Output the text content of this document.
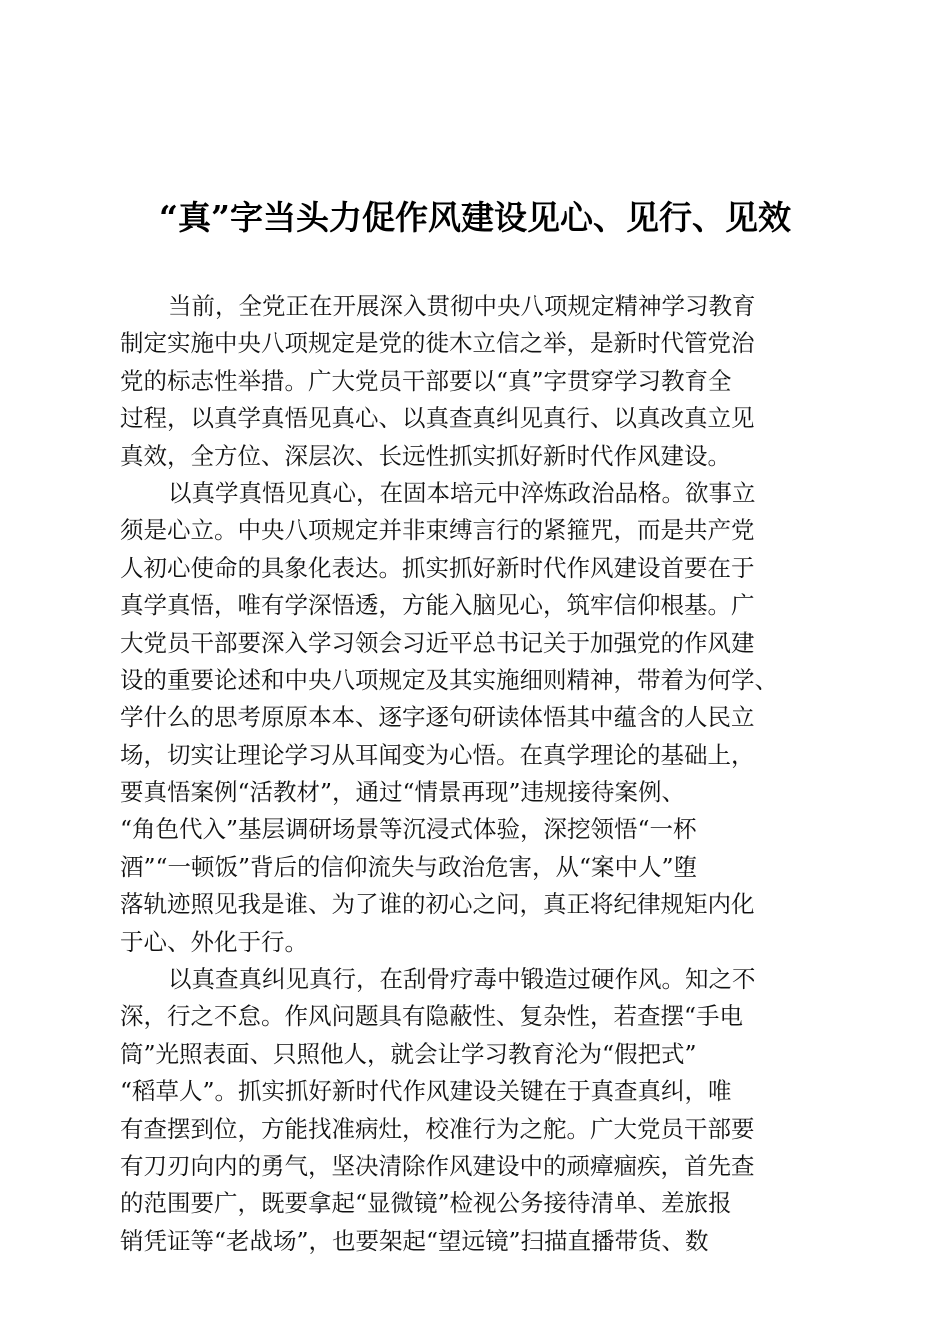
“真”字当头力促作风建设见心、见行、见效
当前，全党正在开展深入贯彻中央八项规定精神学习教育
制定实施中央八项规定是党的徙木立信之举，是新时代管党治
党的标志性举措。广大党员干部要以“真”字贯穿学习教育全
过程，以真学真悟见真心、以真查真纠见真行、以真改真立见
真效，全方位、深层次、长远性抓实抓好新时代作风建设。
以真学真悟见真心，在固本培元中淬炼政治品格。欲事立
须是心立。中央八项规定并非束缚言行的紧箍咒，而是共产党
人初心使命的具象化表达。抓实抓好新时代作风建设首要在于
真学真悟，唯有学深悟透，方能入脑见心，筑牢信仰根基。广
大党员干部要深入学习领会习近平总书记关于加强党的作风建
设的重要论述和中央八项规定及其实施细则精神，带着为何学、
学什么的思考原原本本、逐字逐句研读体悟其中蕴含的人民立
场，切实让理论学习从耳闻变为心悟。在真学理论的基础上，
要真悟案例“活教材”，通过“情景再现”违规接待案例、
“角色代入”基层调研场景等沉浸式体验，深挖领悟“一杯
酒”“一顿饭”背后的信仰流失与政治危害，从“案中人”堕
落轨迹照见我是谁、为了谁的初心之问，真正将纪律规矩内化
于心、外化于行。
以真查真纠见真行，在刮骨疗毒中锻造过硬作风。知之不
深，行之不怠。作风问题具有隐蔽性、复杂性，若查摆“手电
筒”光照表面、只照他人，就会让学习教育沦为“假把式”
“稻草人”。抓实抓好新时代作风建设关键在于真查真纠，唯
有查摆到位，方能找准病灶，校准行为之舵。广大党员干部要
有刀刃向内的勇气，坚决清除作风建设中的顽瘴痼疾，首先查
的范围要广，既要拿起“显微镜”检视公务接待清单、差旅报
销凭证等“老战场”，也要架起“望远镜”扫描直播带货、数
